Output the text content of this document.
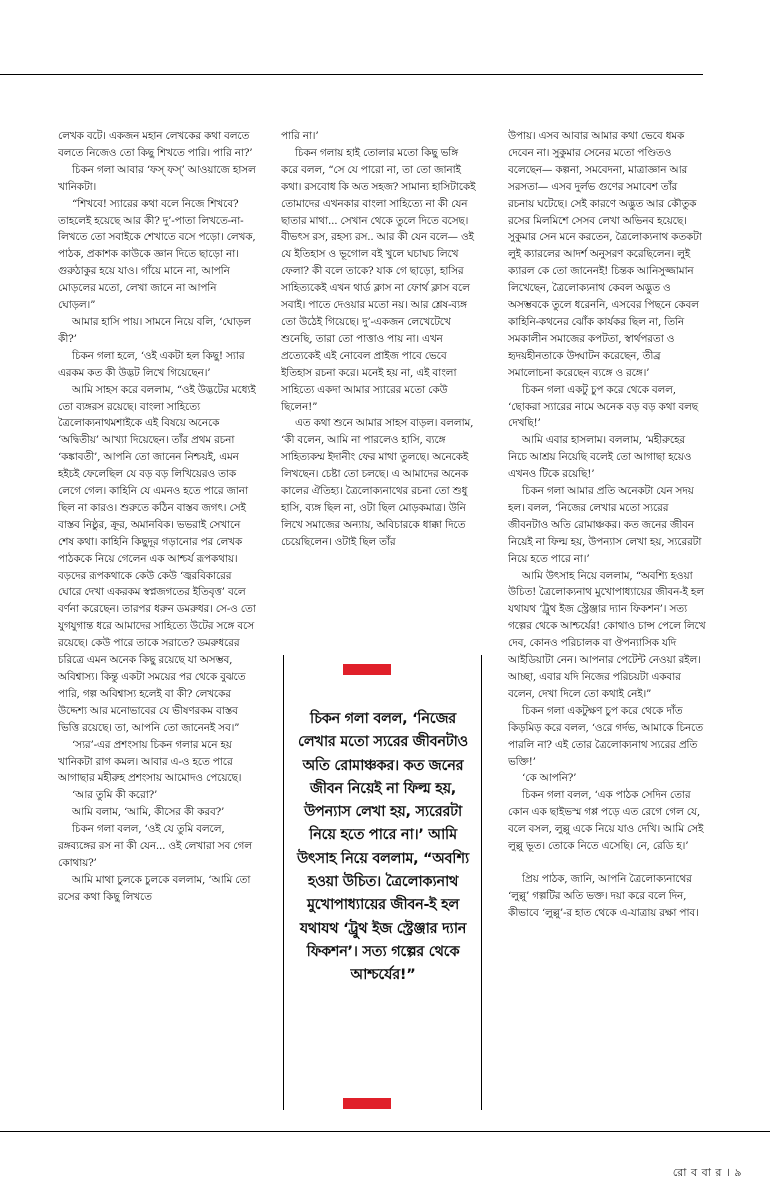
লেখক বটে। একজন মহান লেখকের কথা বলতে বলতে নিজেও তো কিছু শিখতে পারি। পারি না?’

চিকন গলা আবার ‘ফস্‌ ফস্‌’ আওয়াজে হাসল খানিকটা।

“শিখবে! স্যারের কথা বলে নিজে শিখবে? তাহলেই হয়েছে আর কী? দু’-পাতা লিখতে-না-লিখতে তো সবাইকে শেখাতে বসে পড়ো। লেখক, পাঠক, প্রকাশক কাউকে জ্ঞান দিতে ছাড়ো না। গুরুঠাকুর হয়ে যাও। গাঁয়ে মানে না, আপনি মোড়লের মতো, লেখা জানে না আপনি ঘোড়ল।”

আমার হাসি পায়। সামনে নিয়ে বলি, ‘ঘোড়ল কী?’

চিকন গলা হলে, ‘ওই একটা হল কিছু! স্যার এরকম কত কী উদ্ভট লিখে গিয়েছেন।’

আমি সাহস করে বললাম, “ওই উদ্ভটের মধ্যেই তো ব্যঙ্গরস রয়েছে। বাংলা সাহিত্যে ত্রৈলোক্যনাথমশাইকে এই বিষয়ে অনেকে ‘অদ্বিতীয়’ আখ্যা দিয়েছেন। তাঁর প্রথম রচনা ‘কঙ্কাবতী’, আপনি তো জানেন নিশ্চয়ই, এমন হইচই ফেলেছিল যে বড় বড় লিখিয়েরও তাক লেগে গেল। কাহিনি যে এমনও হতে পারে জানা ছিল না কারও। শুরুতে কঠিন বাস্তব জগৎ। সেই বাস্তব নিষ্ঠুর, ক্রূর, অমানবিক। ভভরাই সেখানে শেষ কথা। কাহিনি কিছুদূর গড়ানোর পর লেখক পাঠককে নিয়ে গেলেন এক আশ্চর্য রূপকথায়। বড়দের রূপকথাকে কেউ কেউ ‘জ্বরবিকারের ঘোরে দেখা একরকম স্বপ্নজগতের ইতিবৃত্ত’ বলে বর্ণনা করেছেন। তারপর ধরুন ডমরুধর। সে-ও তো যুগযুগান্ত ধরে আমাদের সাহিত্যে উটের সঙ্গে বসে রয়েছে। কেউ পারে তাকে সরাতে? ডমরুধরের চরিত্রে এমন অনেক কিছু রয়েছে যা অসম্ভব, অবিশ্বাস্য। কিন্তু একটা সময়ের পর থেকে বুঝতে পারি, গল্প অবিশ্বাস্য হলেই বা কী? লেখকের উদ্দেশ্য আর মনোভাবের যে ভীষণরকম বাস্তব ভিত্তি রয়েছে। তা, আপনি তো জানেনই সব।”

‘স্যর’-এর প্রশংসায় চিকন গলার মনে হয় খানিকটা রাগ কমল। আবার এ-ও হতে পারে আগাছার মহীরুহ প্রশংসায় আমোদও পেয়েছে।

‘আর তুমি কী করো?’

আমি বলাম, ‘আমি, কীসের কী করব?’

চিকন গলা বলল, ‘ওই যে তুমি বললে, রঙ্গব্যঙ্গের রস না কী যেন... ওই লেখারা সব গেল কোথায়?’

আমি মাথা চুলকে চুলকে বললাম, ‘আমি তো রসের কথা কিছু লিখতে

পারি না।’

চিকন গলায় হাই তোলার মতো কিছু ভঙ্গি করে বলল, “সে যে পারো না, তা তো জানাই কথা। রসবোধ কি অত সহজ? সামান্য হাসিটাকেই তোমাদের এখনকার বাংলা সাহিত্যে না কী যেন ছাতার মাথা... সেখান থেকে তুলে দিতে বসেছ। বীভৎস রস, রহস্য রস.. আর কী যেন বলে— ওই যে ইতিহাস ও ভূগোল বই খুলে ঘচাঘচ লিখে ফেলা? কী বলে তাকে? যাক গে ছাড়ো, হাসির সাহিত্যকেই এখন থার্ড ক্লাস না ফোর্থ ক্লাস বলে সবাই। পাতে দেওয়ার মতো নয়। আর শ্লেষ-ব্যঙ্গ তো উঠেই গিয়েছে। দু’-একজন লেখেটেখে শুনেছি, তারা তো পাত্তাও পায় না। এখন প্রত্যেকেই এই নোবেল প্রাইজ পাবে ভেবে ইতিহাস রচনা করে। মনেই হয় না, এই বাংলা সাহিত্যে একদা আমার স্যারের মতো কেউ ছিলেন!”

এত কথা শুনে আমার সাহস বাড়ল। বললাম, ‘কী বলেন, আমি না পারলেও হাসি, ব্যঙ্গে সাহিত্যকম্ম ইদানীং ফের মাথা তুলছে। অনেকেই লিখছেন। চেষ্টা তো চলছে। এ আমাদের অনেক কালের ঐতিহ্য। ত্রৈলোক্যনাথের রচনা তো শুধু হাসি, ব্যঙ্গ ছিল না, ওটা ছিল মোড়কমাত্র। উনি লিখে সমাজের অন্যায়, অবিচারকে ধাক্কা দিতে চেয়েছিলেন। ওটাই ছিল তাঁর

চিকন গলা বলল, ‘নিজের লেখার মতো স্যরের জীবনটাও অতি রোমাঞ্চকর। কত জনের জীবন নিয়েই না ফিল্ম হয়, উপন্যাস লেখা হয়, স্যরেরটা নিয়ে হতে পারে না।’ আমি উৎসাহ নিয়ে বললাম, “অবশ্যি হওয়া উচিত। ত্রৈলোক্যনাথ মুখোপাধ্যায়ের জীবন-ই হল যথাযথ ‘ট্রুথ ইজ স্ট্রেঞ্জার দ্যান ফিকশন’। সত্য গল্পের থেকে আশ্চর্যের!”

উপায়। এসব আবার আমার কথা ভেবে ধমক দেবেন না। সুকুমার সেনের মতো পণ্ডিতও বলেছেন— কল্পনা, সমবেদনা, মাত্রাজ্ঞান আর সরসতা— এসব দুর্লভ গুণের সমাবেশ তাঁর রচনায় ঘটেছে। সেই কারণে অদ্ভুত আর কৌতুক রসের মিলমিশে সেসব লেখা অভিনব হয়েছে। সুকুমার সেন মনে করতেন, ত্রৈলোক্যনাথ কতকটা লুই ক্যারলের আদর্শ অনুসরণ করেছিলেন। লুই ক্যারল কে তো জানেনই! চিন্তক আনিসুজ্জামান লিখেছেন, ত্রৈলোক্যনাথ কেবল অদ্ভুত ও অসম্ভবকে তুলে ধরেননি, এসবের পিছনে কেবল কাহিনি-কথনের ঝোঁক কার্যকর ছিল না, তিনি সমকালীন সমাজের কপটতা, স্বার্থপরতা ও হৃদয়হীনতাকে উদ্ঘাটন করেছেন, তীব্র সমালোচনা করেছেন ব্যঙ্গে ও রঙ্গে।’

চিকন গলা একটু চুপ করে থেকে বলল, ‘ছোকরা স্যারের নামে অনেক বড় বড় কথা বলছ দেখছি!’

আমি এবার হাসলাম। বললাম, ‘মহীরুহের নিচে আশ্রয় নিয়েছি বলেই তো আগাছা হয়েও এখনও টিকে রয়েছি!’

চিকন গলা আমার প্রতি অনেকটা যেন সদয় হল। বলল, ‘নিজের লেখার মতো স্যরের জীবনটাও অতি রোমাঞ্চকর। কত জনের জীবন নিয়েই না ফিল্ম হয়, উপন্যাস লেখা হয়, স্যরেরটা নিয়ে হতে পারে না।’

আমি উৎসাহ নিয়ে বললাম, “অবশ্যি হওয়া উচিত! ত্রৈলোক্যনাথ মুখোপাধ্যায়ের জীবন-ই হল যথাযথ ‘ট্রুথ ইজ স্ট্রেঞ্জার দ্যান ফিকশন’। সত্য গল্পের থেকে আশ্চর্যের! কোথাও চান্স পেলে লিখে দেব, কোনও পরিচালক বা ঔপন্যাসিক যদি আইডিয়াটা নেন। আপনার পেটেন্ট নেওয়া রইল। আচ্ছা, এবার যদি নিজের পরিচয়টা একবার বলেন, দেখা দিলে তো কথাই নেই।”

চিকন গলা একটুক্ষণ চুপ করে থেকে দাঁত কিড়মিড় করে বলল, ‘ওরে গর্দভ, আমাকে চিনতে পারলি না? এই তোর ত্রৈলোক্যনাথ স্যরের প্রতি ভক্তি!’

‘কে আপনি?’

চিকন গলা বলল, ‘এক পাঠক সেদিন তোর কোন এক ছাইভস্ম গপ্প পড়ে এত রেগে গেল যে, বলে বসল, লুল্লু একে নিয়ে যাও দেখি। আমি সেই লুল্লু ভূত। তোকে নিতে এসেছি। নে, রেডি হ।’

প্রিয় পাঠক, জানি, আপনি ত্রৈলোক্যনাথের ‘লুল্লু’ গল্পটির অতি ভক্ত। দয়া করে বলে দিন, কীভাবে ‘লুল্লু’-র হাত থেকে এ-যাত্রায় রক্ষা পাব।

রো ব বা র । ৯
